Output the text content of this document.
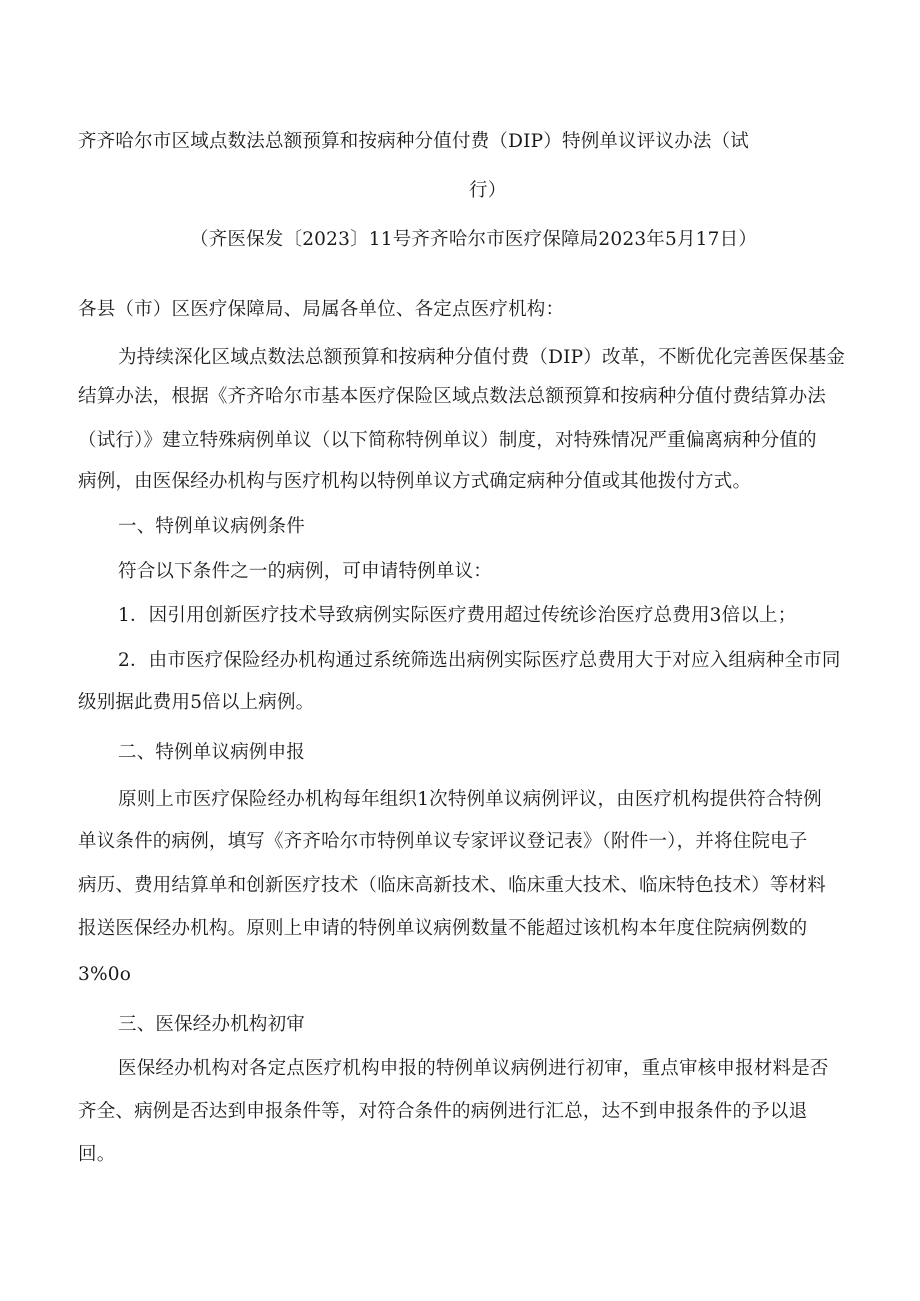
齐齐哈尔市区域点数法总额预算和按病种分值付费（DIP）特例单议评议办法（试
行）
（齐医保发〔2023〕11号齐齐哈尔市医疗保障局2023年5月17日）
各县（市）区医疗保障局、局属各单位、各定点医疗机构：
为持续深化区域点数法总额预算和按病种分值付费（DIP）改革，不断优化完善医保基金
结算办法，根据《齐齐哈尔市基本医疗保险区域点数法总额预算和按病种分值付费结算办法
（试行）》建立特殊病例单议（以下简称特例单议）制度，对特殊情况严重偏离病种分值的
病例，由医保经办机构与医疗机构以特例单议方式确定病种分值或其他拨付方式。
一、特例单议病例条件
符合以下条件之一的病例，可申请特例单议：
1．因引用创新医疗技术导致病例实际医疗费用超过传统诊治医疗总费用3倍以上；
2．由市医疗保险经办机构通过系统筛选出病例实际医疗总费用大于对应入组病种全市同
级别据此费用5倍以上病例。
二、特例单议病例申报
原则上市医疗保险经办机构每年组织1次特例单议病例评议，由医疗机构提供符合特例
单议条件的病例，填写《齐齐哈尔市特例单议专家评议登记表》（附件一），并将住院电子
病历、费用结算单和创新医疗技术（临床高新技术、临床重大技术、临床特色技术）等材料
报送医保经办机构。原则上申请的特例单议病例数量不能超过该机构本年度住院病例数的
3%0o
三、医保经办机构初审
医保经办机构对各定点医疗机构申报的特例单议病例进行初审，重点审核申报材料是否
齐全、病例是否达到申报条件等，对符合条件的病例进行汇总，达不到申报条件的予以退
回。
